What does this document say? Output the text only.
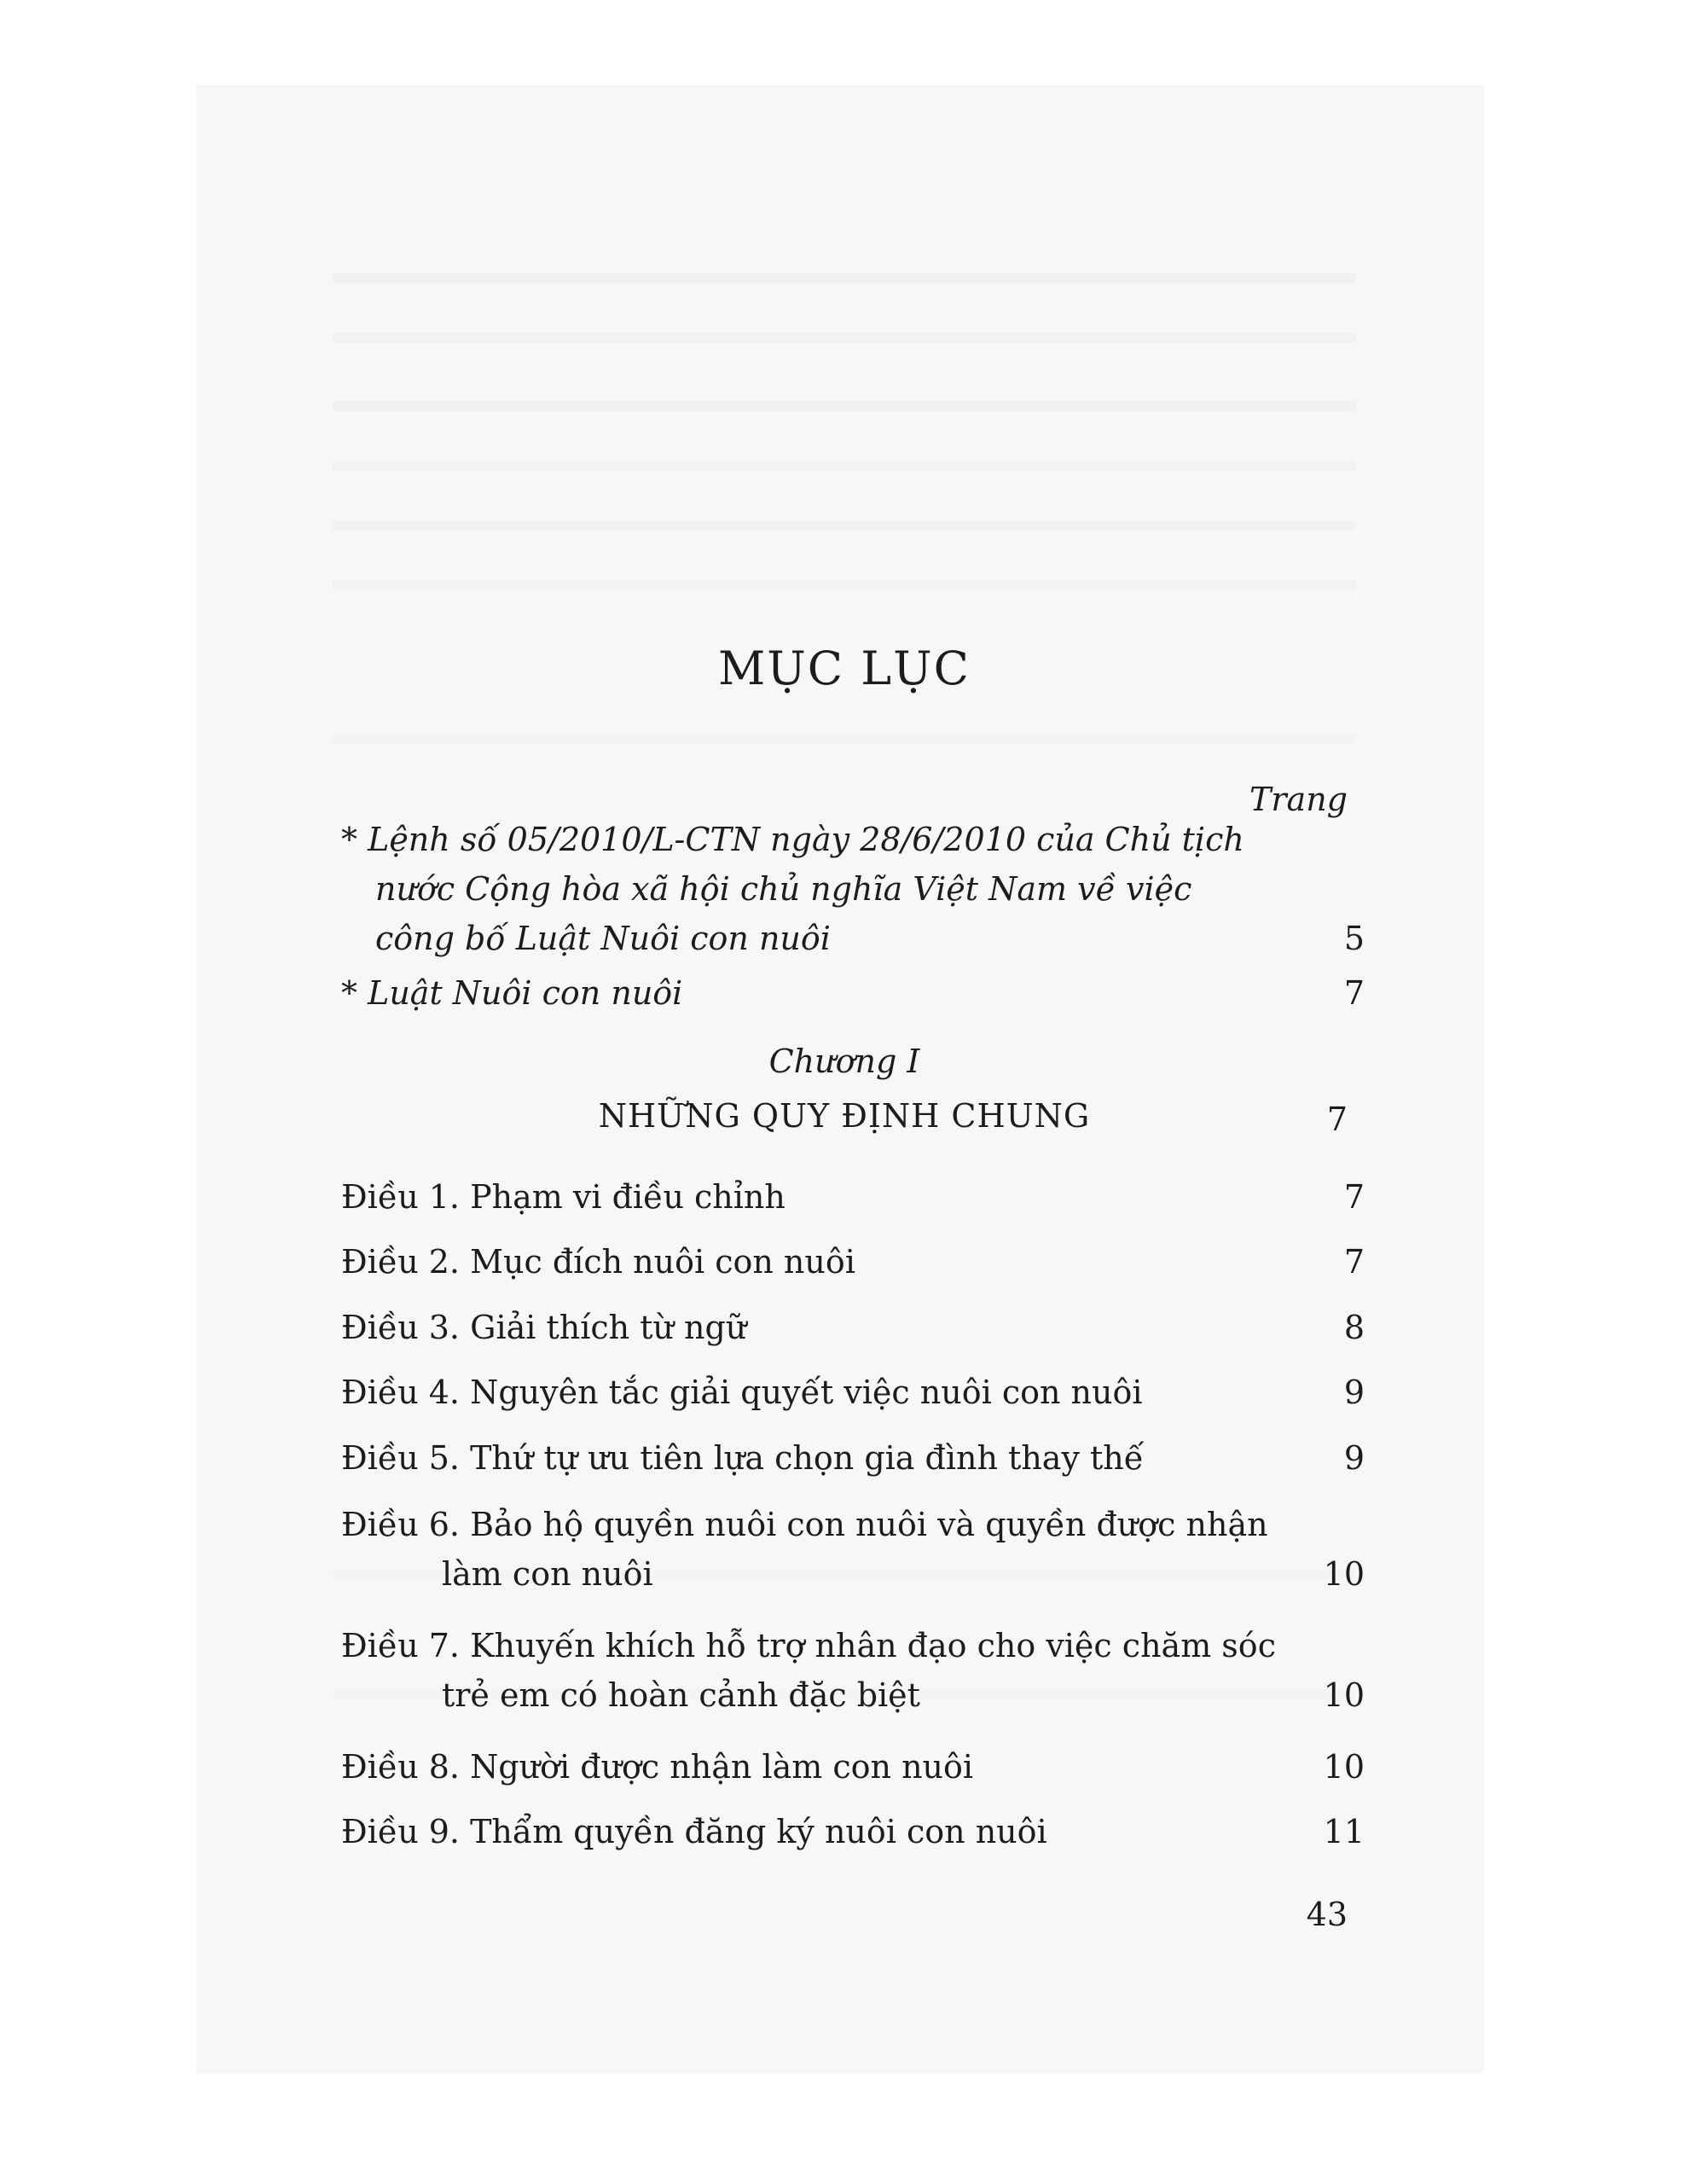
MỤC LỤC
Trang
* Lệnh số 05/2010/L-CTN ngày 28/6/2010 của Chủ tịch nước Cộng hòa xã hội chủ nghĩa Việt Nam về việc công bố Luật Nuôi con nuôi	5
* Luật Nuôi con nuôi	7
Chương I
NHỮNG QUY ĐỊNH CHUNG	7
Điều 1. Phạm vi điều chỉnh	7
Điều 2. Mục đích nuôi con nuôi	7
Điều 3. Giải thích từ ngữ	8
Điều 4. Nguyên tắc giải quyết việc nuôi con nuôi	9
Điều 5. Thứ tự ưu tiên lựa chọn gia đình thay thế	9
Điều 6. Bảo hộ quyền nuôi con nuôi và quyền được nhận làm con nuôi	10
Điều 7. Khuyến khích hỗ trợ nhân đạo cho việc chăm sóc trẻ em có hoàn cảnh đặc biệt	10
Điều 8. Người được nhận làm con nuôi	10
Điều 9. Thẩm quyền đăng ký nuôi con nuôi	11
43
